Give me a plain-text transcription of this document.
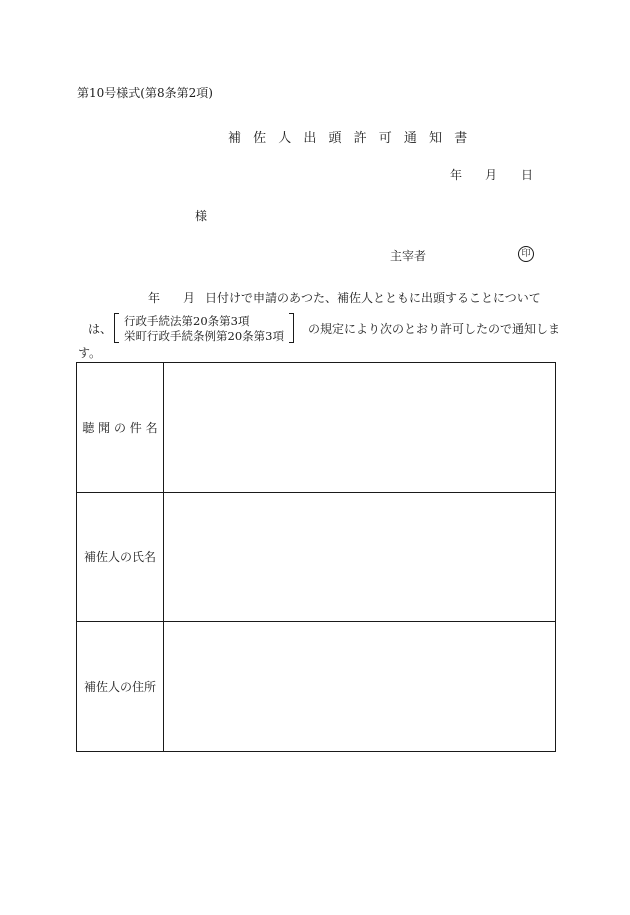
第10号様式(第8条第2項)
補 佐 人 出 頭 許 可 通 知 書
年 月 日
様
主宰者	印
年 月 日付けで申請のあつた、補佐人とともに出頭することについて
は、
行政手続法第20条第3項
栄町行政手続条例第20条第3項 の規定により次のとおり許可したので通知しま
す。
聴 聞 の 件 名	
補佐人の氏名	
補佐人の住所	
